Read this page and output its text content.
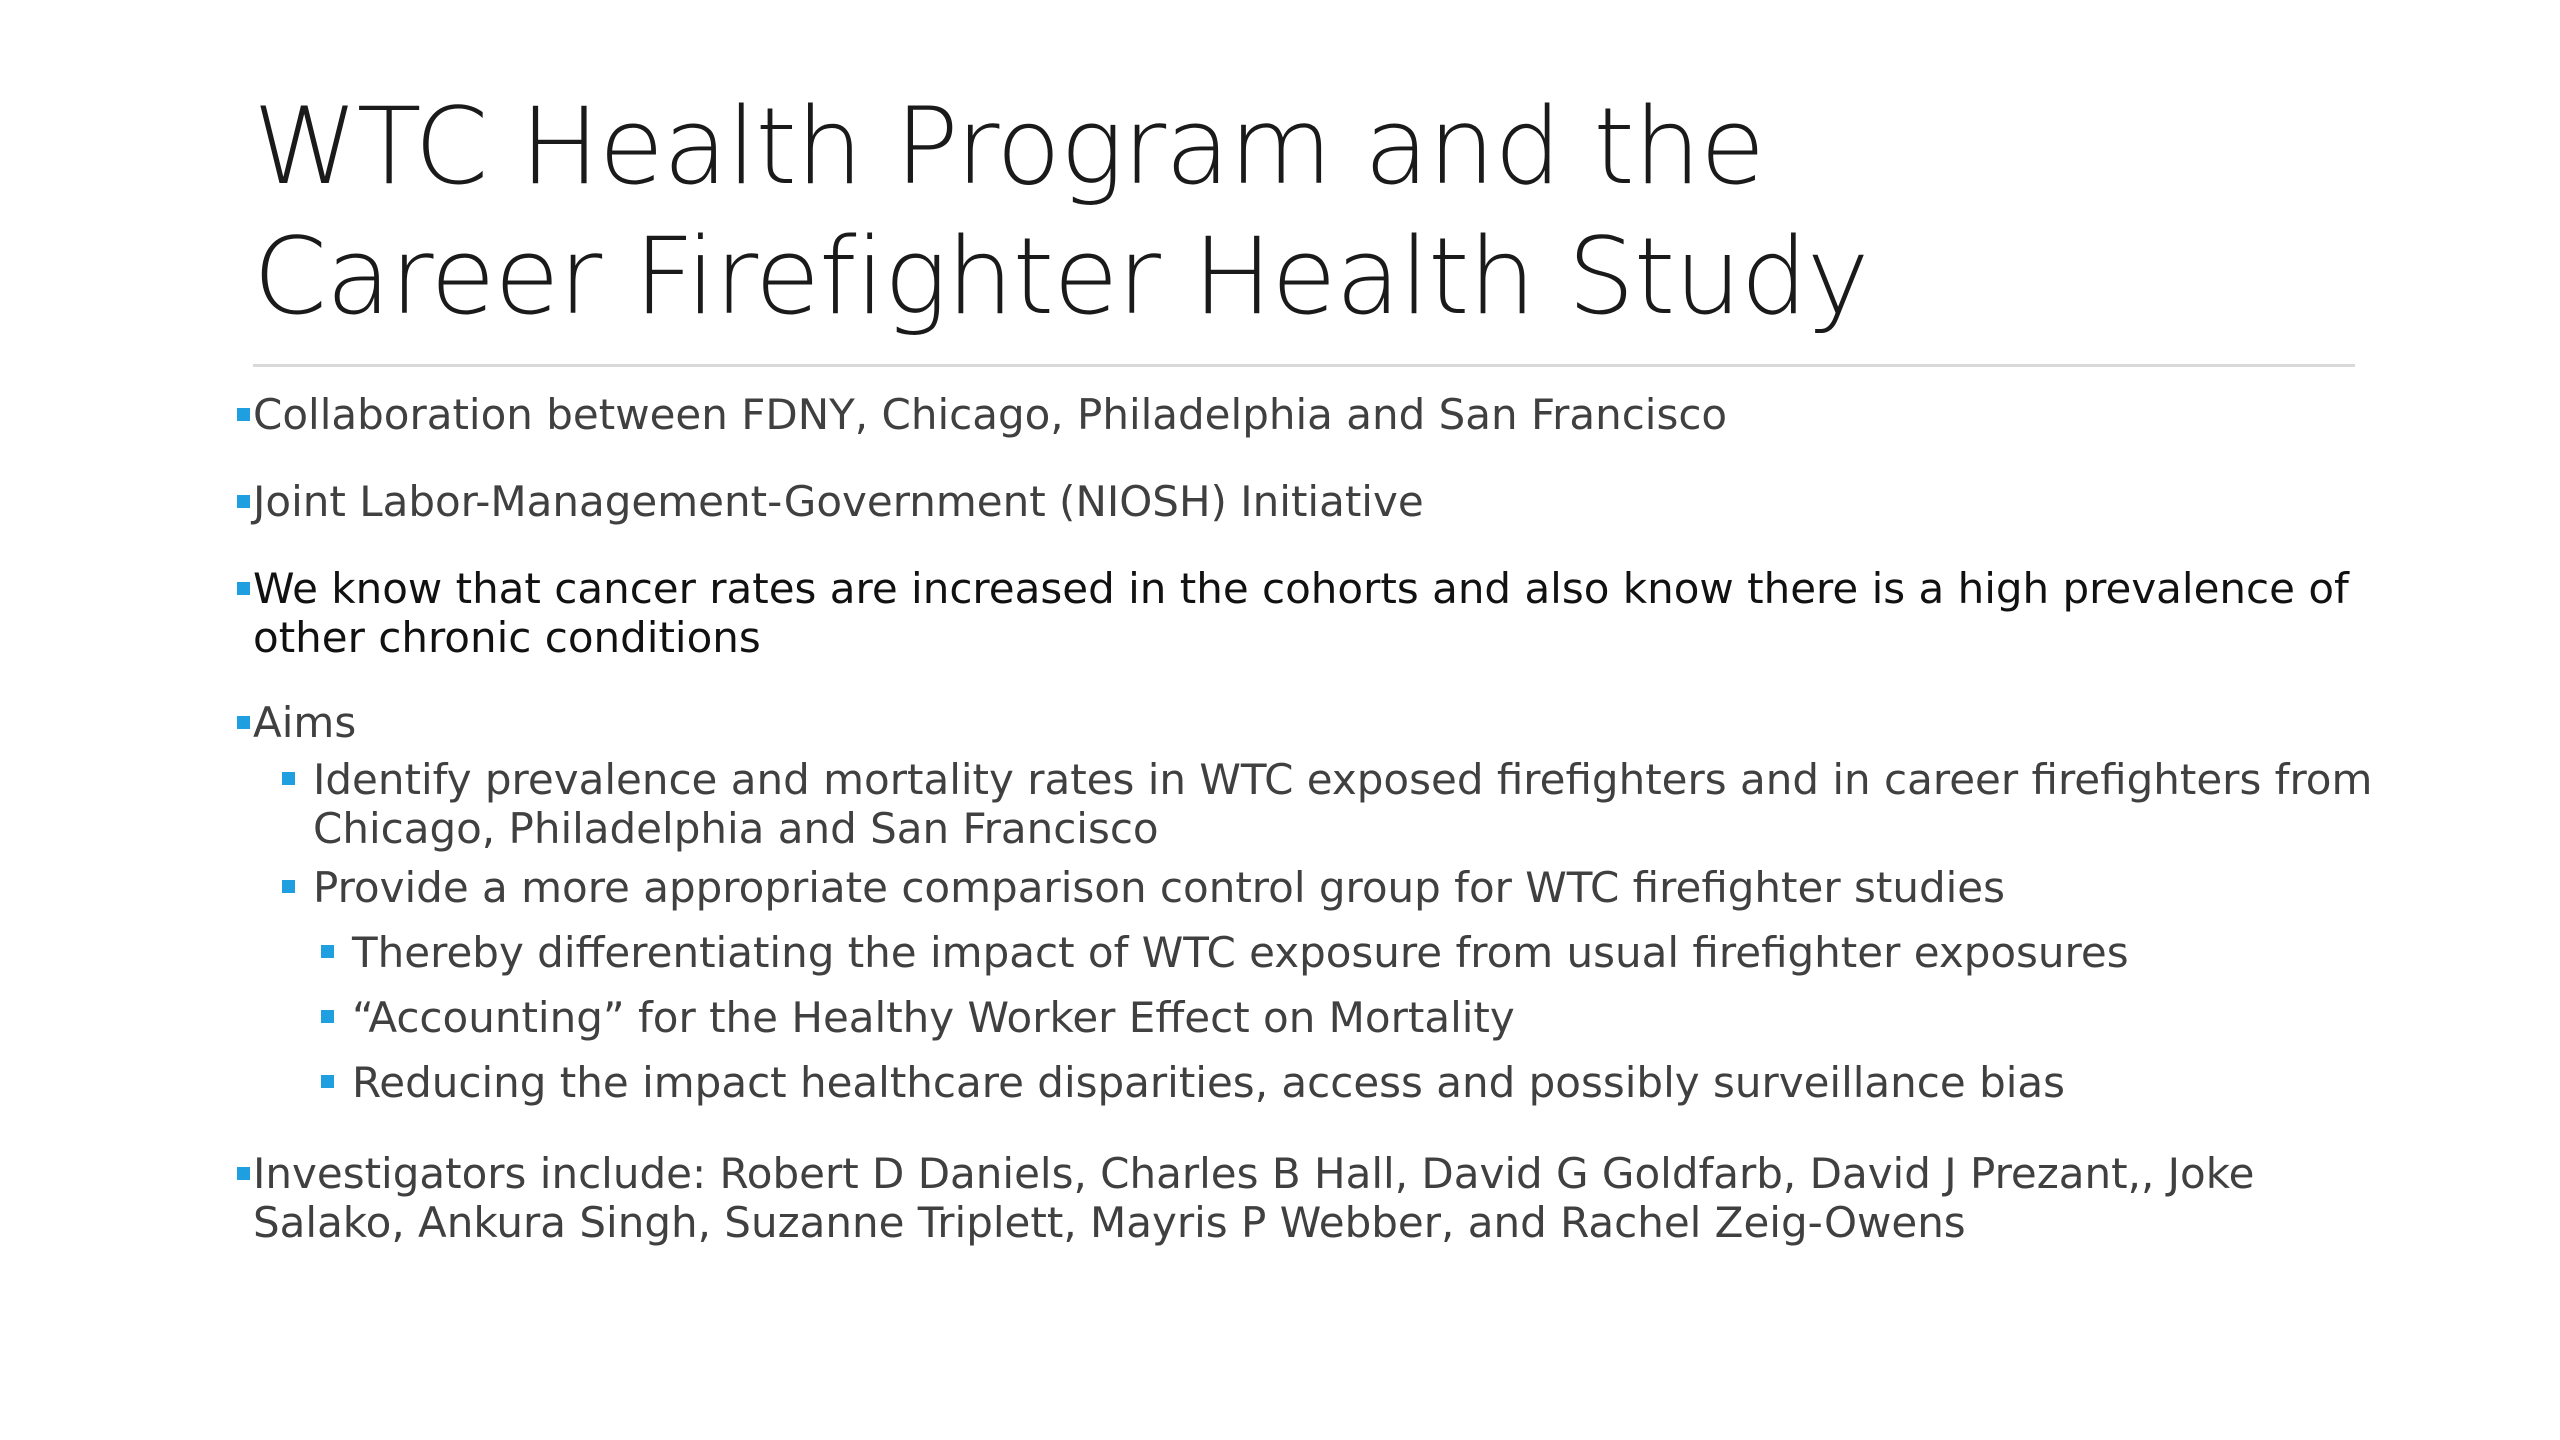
WTC Health Program and the
Career Firefighter Health Study
Collaboration between FDNY, Chicago, Philadelphia and San Francisco
Joint Labor-Management-Government (NIOSH) Initiative
We know that cancer rates are increased in the cohorts and also know there is a high prevalence of other chronic conditions
Aims
Identify prevalence and mortality rates in WTC exposed firefighters and in career firefighters from Chicago, Philadelphia and San Francisco
Provide a more appropriate comparison control group for WTC firefighter studies
Thereby differentiating the impact of WTC exposure from usual firefighter exposures
“Accounting” for the Healthy Worker Effect on Mortality
Reducing the impact healthcare disparities, access and possibly surveillance bias
Investigators include: Robert D Daniels, Charles B Hall, David G Goldfarb, David J Prezant,, Joke Salako, Ankura Singh, Suzanne Triplett, Mayris P Webber, and Rachel Zeig-Owens
